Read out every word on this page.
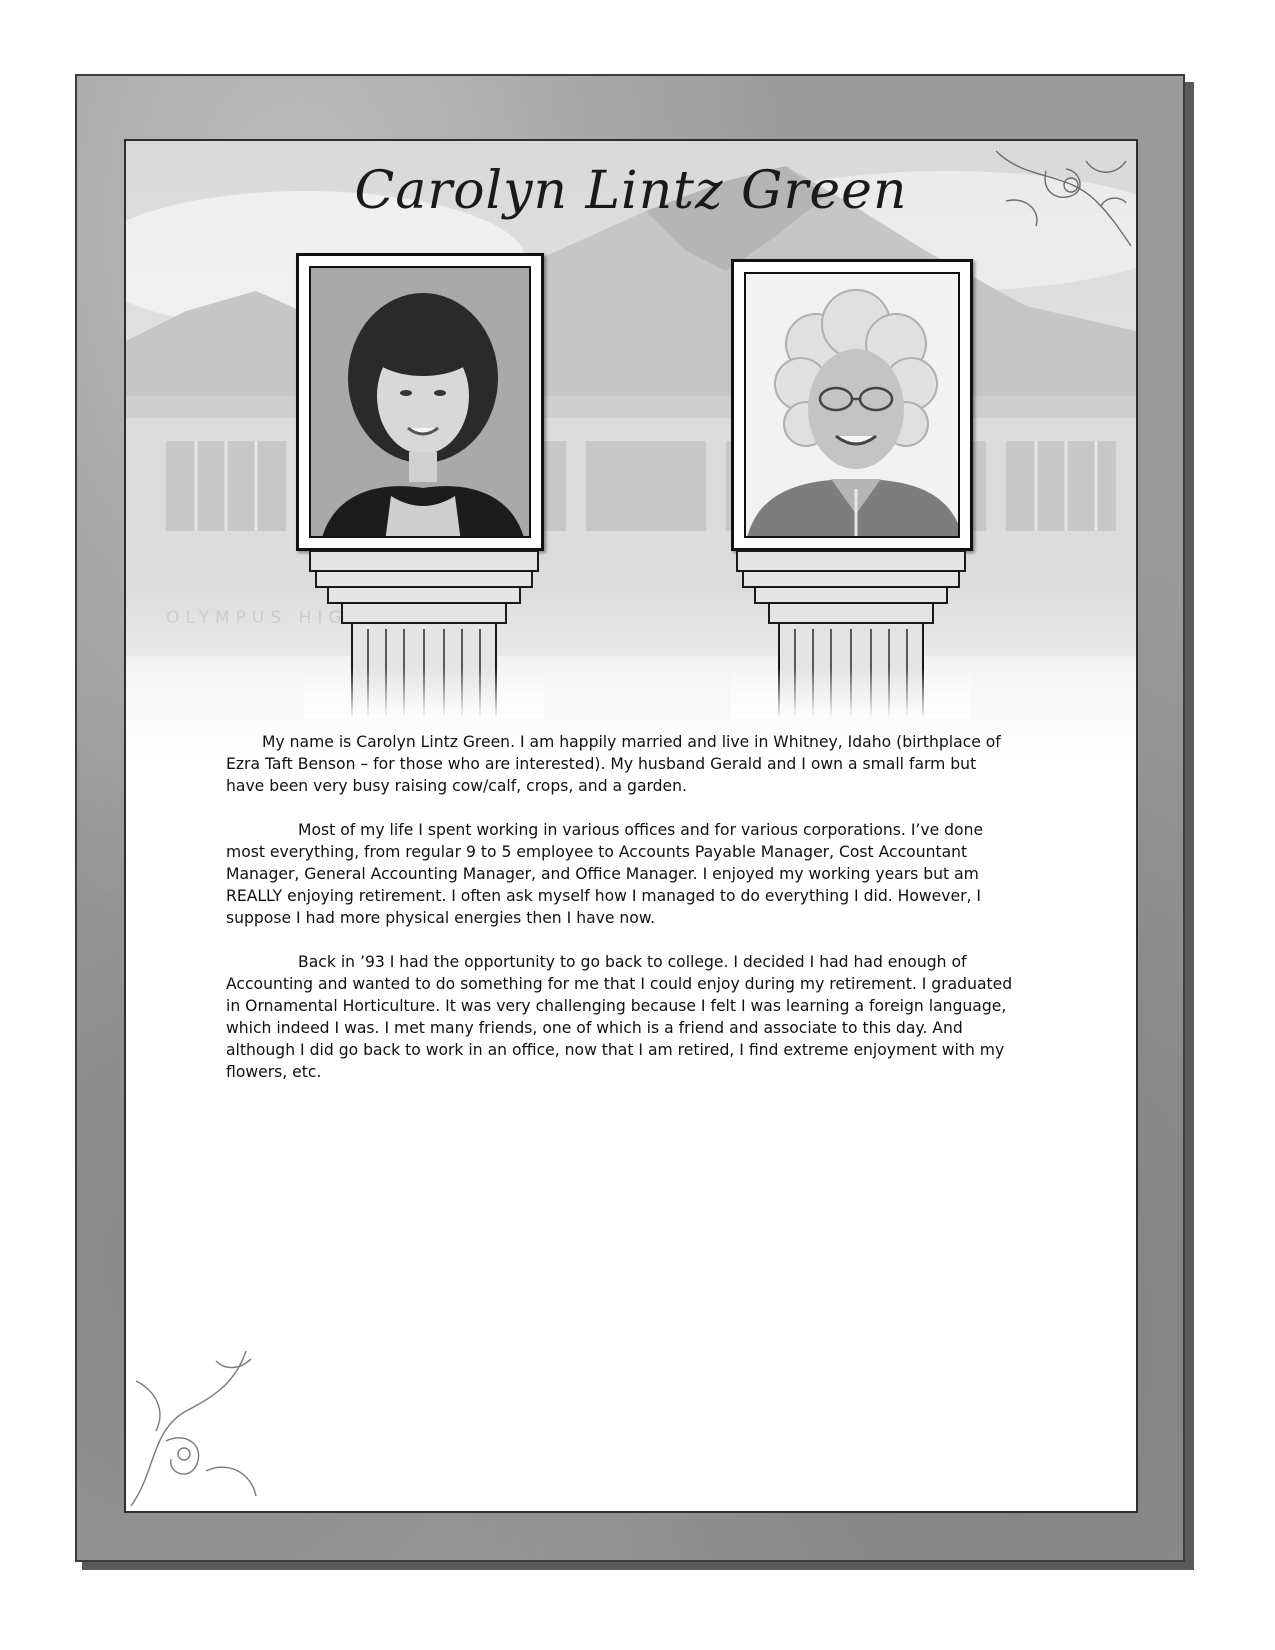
Carolyn Lintz Green

My name is Carolyn Lintz Green. I am happily married and live in Whitney, Idaho (birthplace of Ezra Taft Benson – for those who are interested). My husband Gerald and I own a small farm but have been very busy raising cow/calf, crops, and a garden.

Most of my life I spent working in various offices and for various corporations. I’ve done most everything, from regular 9 to 5 employee to Accounts Payable Manager, Cost Accountant Manager, General Accounting Manager, and Office Manager. I enjoyed my working years but am REALLY enjoying retirement. I often ask myself how I managed to do everything I did. However, I suppose I had more physical energies then I have now.

Back in ’93 I had the opportunity to go back to college. I decided I had had enough of Accounting and wanted to do something for me that I could enjoy during my retirement. I graduated in Ornamental Horticulture. It was very challenging because I felt I was learning a foreign language, which indeed I was. I met many friends, one of which is a friend and associate to this day. And although I did go back to work in an office, now that I am retired, I find extreme enjoyment with my flowers, etc.
